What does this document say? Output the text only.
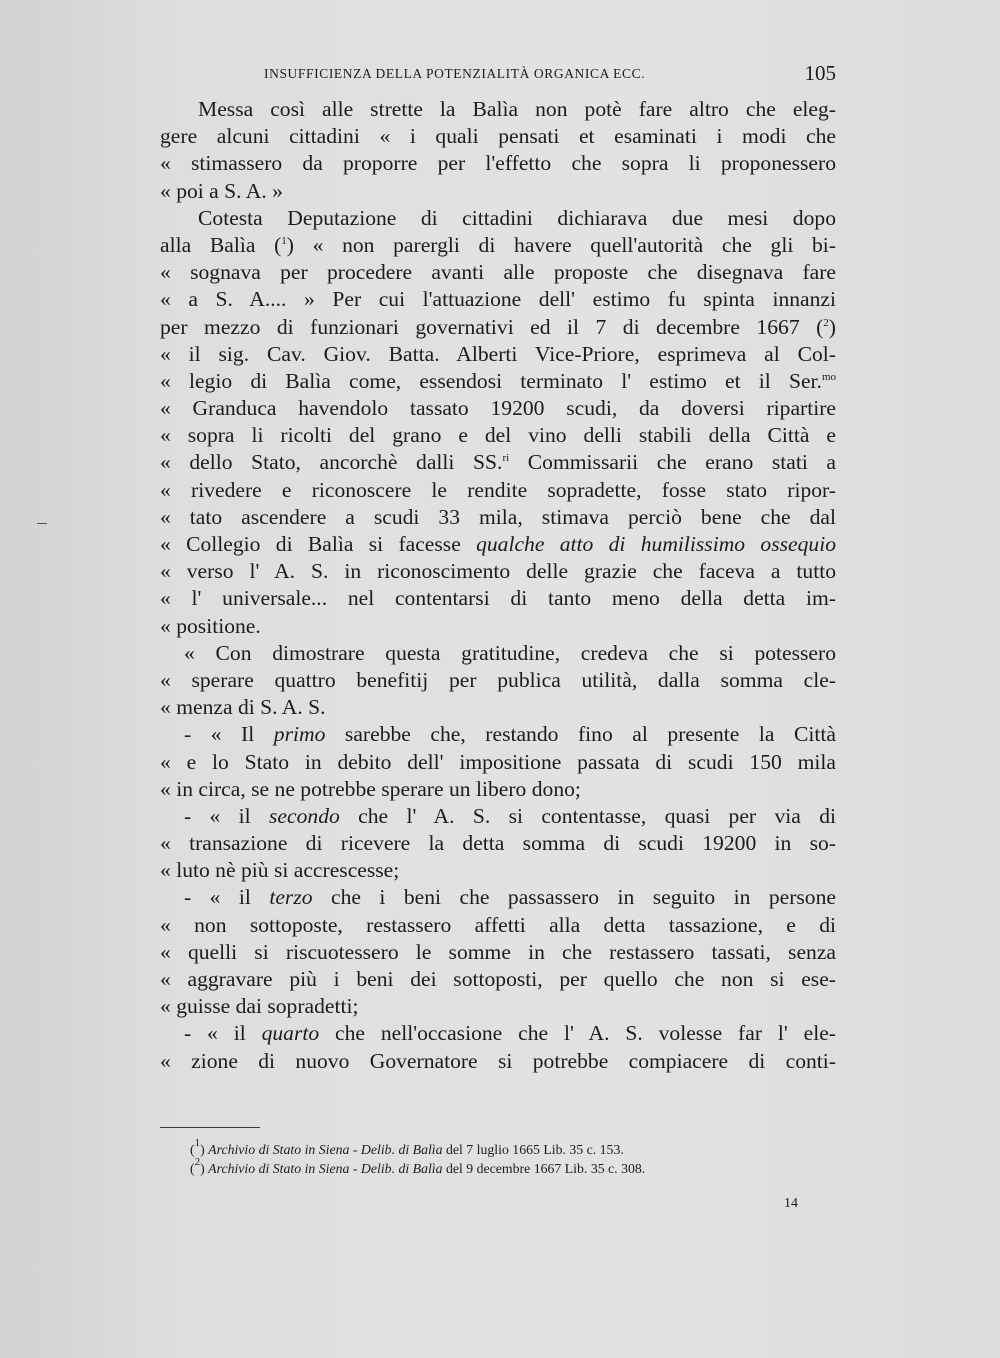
INSUFFICIENZA DELLA POTENZIALITÀ ORGANICA ECC.	105
Messa così alle strette la Balìa non potè fare altro che eleg-
gere alcuni cittadini « i quali pensati et esaminati i modi che
« stimassero da proporre per l'effetto che sopra li proponessero
« poi a S. A. »
Cotesta Deputazione di cittadini dichiarava due mesi dopo
alla Balìa ($^1$) « non parergli di havere quell'autorità che gli bi-
« sognava per procedere avanti alle proposte che disegnava fare
« a S. A.... » Per cui l'attuazione dell' estimo fu spinta innanzi
per mezzo di funzionari governativi ed il 7 di decembre 1667 ($^2$)
« il sig. Cav. Giov. Batta. Alberti Vice-Priore, esprimeva al Col-
« legio di Balìa come, essendosi terminato l' estimo et il Ser.$^{mo}$
« Granduca havendolo tassato 19200 scudi, da doversi ripartire
« sopra li ricolti del grano e del vino delli stabili della Città e
« dello Stato, ancorchè dalli SS.$^{ri}$ Commissarii che erano stati a
« rivedere e riconoscere le rendite sopradette, fosse stato ripor-
« tato ascendere a scudi 33 mila, stimava perciò bene che dal
« Collegio di Balìa si facesse qualche atto di humilissimo ossequio
« verso l' A. S. in riconoscimento delle grazie che faceva a tutto
« l' universale... nel contentarsi di tanto meno della detta im-
« positione.
« Con dimostrare questa gratitudine, credeva che si potessero
« sperare quattro benefitij per publica utilità, dalla somma cle-
« menza di S. A. S.
- « Il primo sarebbe che, restando fino al presente la Città
« e lo Stato in debito dell' impositione passata di scudi 150 mila
« in circa, se ne potrebbe sperare un libero dono;
- « il secondo che l' A. S. si contentasse, quasi per via di
« transazione di ricevere la detta somma di scudi 19200 in so-
« luto nè più si accrescesse;
- « il terzo che i beni che passassero in seguito in persone
« non sottoposte, restassero affetti alla detta tassazione, e di
« quelli si riscuotessero le somme in che restassero tassati, senza
« aggravare più i beni dei sottoposti, per quello che non si ese-
« guisse dai sopradetti;
- « il quarto che nell'occasione che l' A. S. volesse far l' ele-
« zione di nuovo Governatore si potrebbe compiacere di conti-
($^1$) Archivio di Stato in Siena - Delib. di Balìa del 7 luglio 1665 Lib. 35 c. 153.
($^2$) Archivio di Stato in Siena - Delib. di Balìa del 9 decembre 1667 Lib. 35 c. 308.
14
